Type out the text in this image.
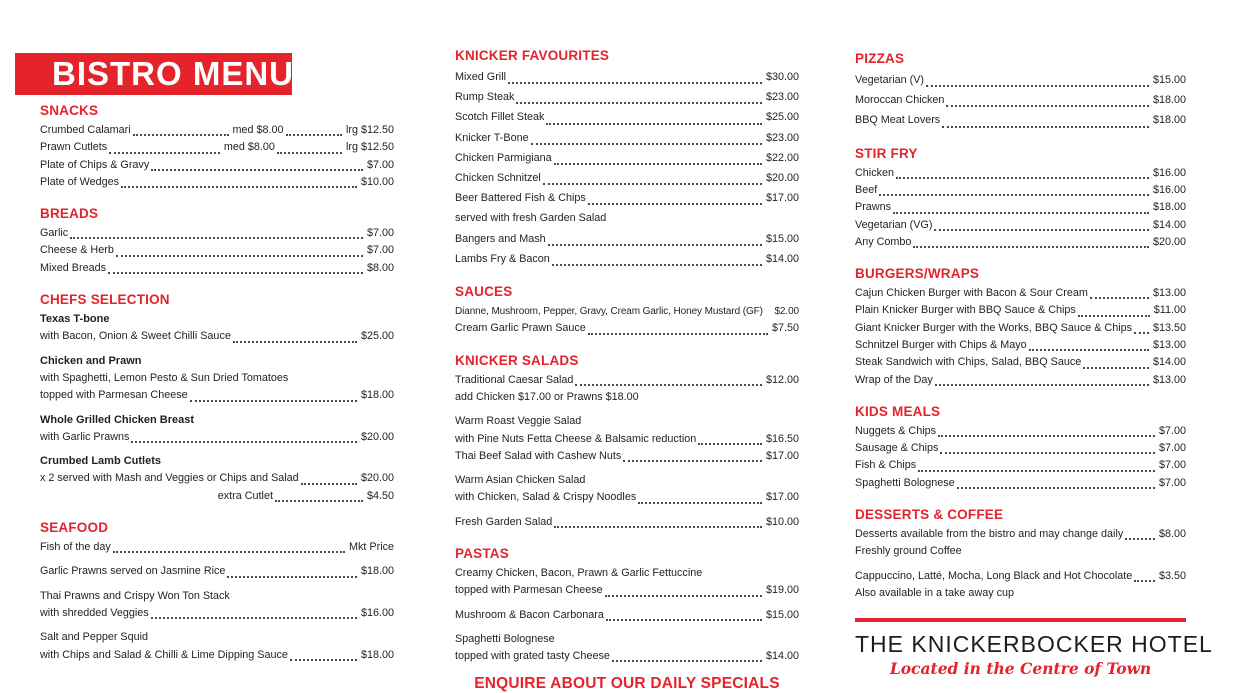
BISTRO MENU
SNACKS
Crumbed Calamari	med $8.00	lrg $12.50
Prawn Cutlets	med $8.00	lrg $12.50
Plate of Chips & Gravy	$7.00
Plate of Wedges	$10.00
BREADS
Garlic	$7.00
Cheese & Herb	$7.00
Mixed Breads	$8.00
CHEFS SELECTION
Texas T-bone
with Bacon, Onion & Sweet Chilli Sauce	$25.00
Chicken and Prawn
with Spaghetti, Lemon Pesto & Sun Dried Tomatoes
topped with Parmesan Cheese	$18.00
Whole Grilled Chicken Breast
with Garlic Prawns	$20.00
Crumbed Lamb Cutlets
x 2 served with Mash and Veggies or Chips and Salad	$20.00
extra Cutlet	$4.50
SEAFOOD
Fish of the day	Mkt Price
Garlic Prawns served on Jasmine Rice	$18.00
Thai Prawns and Crispy Won Ton Stack
with shredded Veggies	$16.00
Salt and Pepper Squid
with Chips and Salad & Chilli & Lime Dipping Sauce	$18.00
KNICKER FAVOURITES
Mixed Grill	$30.00
Rump Steak	$23.00
Scotch Fillet Steak	$25.00
Knicker T-Bone	$23.00
Chicken Parmigiana	$22.00
Chicken Schnitzel	$20.00
Beer Battered Fish & Chips	$17.00
served with fresh Garden Salad
Bangers and Mash	$15.00
Lambs Fry & Bacon	$14.00
SAUCES
Dianne, Mushroom, Pepper, Gravy, Cream Garlic, Honey Mustard (GF) $2.00
Cream Garlic Prawn Sauce	$7.50
KNICKER SALADS
Traditional Caesar Salad	$12.00
add Chicken $17.00 or Prawns $18.00
Warm Roast Veggie Salad
with Pine Nuts Fetta Cheese & Balsamic reduction	$16.50
Thai Beef Salad with Cashew Nuts	$17.00
Warm Asian Chicken Salad
with Chicken, Salad & Crispy Noodles	$17.00
Fresh Garden Salad	$10.00
PASTAS
Creamy Chicken, Bacon, Prawn & Garlic Fettuccine
topped with Parmesan Cheese	$19.00
Mushroom & Bacon Carbonara	$15.00
Spaghetti Bolognese
topped with grated tasty Cheese	$14.00
ENQUIRE ABOUT OUR DAILY SPECIALS
PIZZAS
Vegetarian (V)	$15.00
Moroccan Chicken	$18.00
BBQ Meat Lovers	$18.00
STIR FRY
Chicken	$16.00
Beef	$16.00
Prawns	$18.00
Vegetarian (VG)	$14.00
Any Combo	$20.00
BURGERS/WRAPS
Cajun Chicken Burger with Bacon & Sour Cream	$13.00
Plain Knicker Burger with BBQ Sauce & Chips	$11.00
Giant Knicker Burger with the Works, BBQ Sauce & Chips $13.50
Schnitzel Burger with Chips & Mayo	$13.00
Steak Sandwich with Chips, Salad, BBQ Sauce	$14.00
Wrap of the Day	$13.00
KIDS MEALS
Nuggets & Chips	$7.00
Sausage & Chips	$7.00
Fish & Chips	$7.00
Spaghetti Bolognese	$7.00
DESSERTS & COFFEE
Desserts available from the bistro and may change daily	$8.00
Freshly ground Coffee
Cappuccino, Latté, Mocha, Long Black and Hot Chocolate $3.50
Also available in a take away cup
THE KNICKERBOCKER HOTEL
Located in the Centre of Town
